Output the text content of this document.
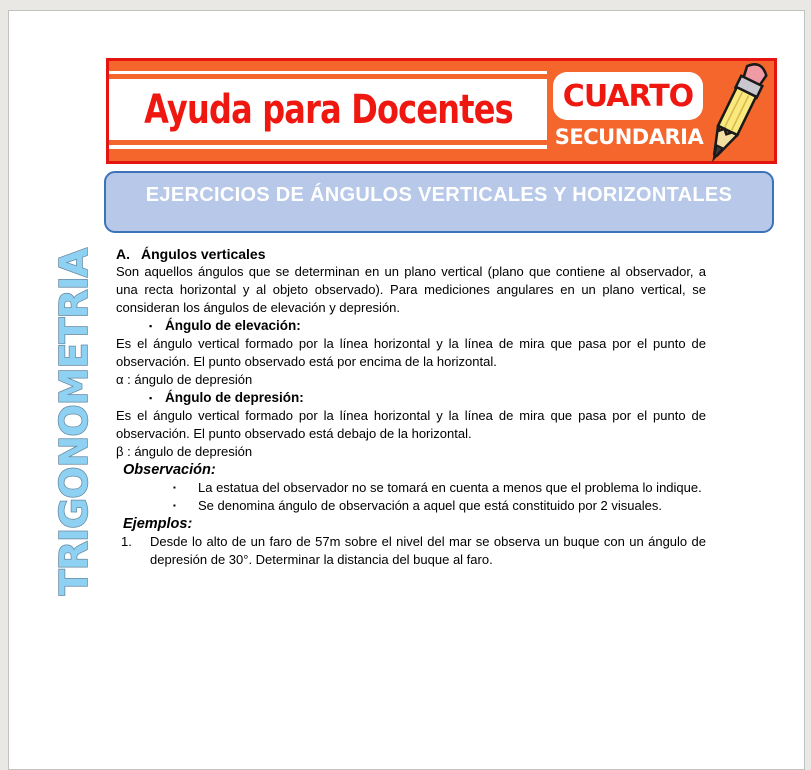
Ayuda para Docentes CUARTO
SECUNDARIA
EJERCICIOS DE ÁNGULOS VERTICALES Y HORIZONTALES
TRIGONOMETRIA A. Ángulos verticales

Son aquellos ángulos que se determinan en un plano vertical (plano que contiene al observador, a una recta horizontal y al objeto observado). Para mediciones angulares en un plano vertical, se consideran los ángulos de elevación y depresión.

▪ Ángulo de elevación:

Es el ángulo vertical formado por la línea horizontal y la línea de mira que pasa por el punto de observación. El punto observado está por encima de la horizontal.

α : ángulo de depresión

▪ Ángulo de depresión:

Es el ángulo vertical formado por la línea horizontal y la línea de mira que pasa por el punto de observación. El punto observado está debajo de la horizontal.

β : ángulo de depresión

Observación:
▪	La estatua del observador no se tomará en cuenta a menos que el problema lo indique.

▪	Se denomina ángulo de observación a aquel que está constituido por 2 visuales.

Ejemplos:
1.	Desde lo alto de un faro de 57m sobre el nivel del mar se observa un buque con un ángulo de depresión de 30°. Determinar la distancia del buque al faro.
